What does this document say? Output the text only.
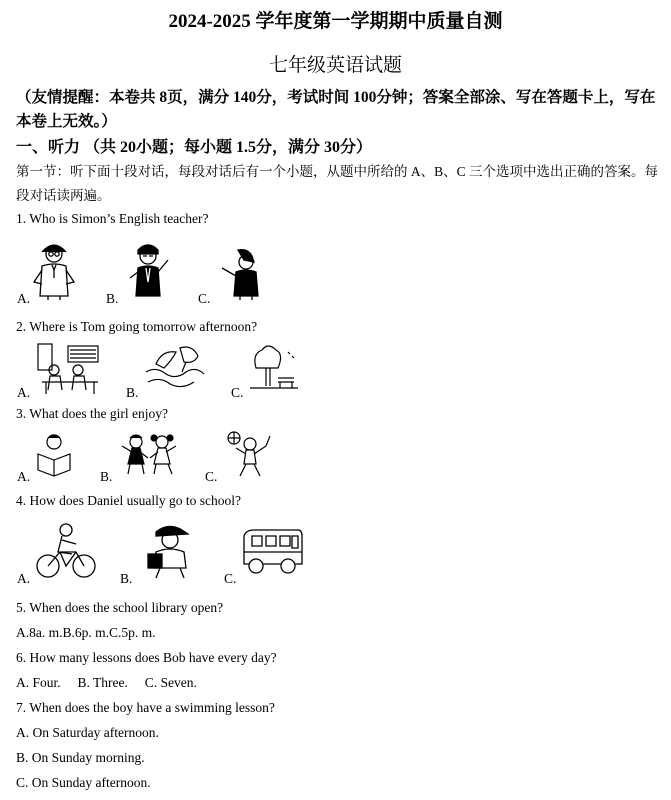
2024-2025 学年度第一学期期中质量自测
七年级英语试题
（友情提醒：本卷共 8页，满分 140分，考试时间 100分钟；答案全部涂、写在答题卡上，写在本卷上无效。）
一、听力 （共 20小题；每小题 1.5分，满分 30分）
第一节：听下面十段对话，每段对话后有一个小题，从题中所给的 A、B、C 三个选项中选出正确的答案。每段对话读两遍。
1. Who is Simon’s English teacher?
A.	B.	C.
2. Where is Tom going tomorrow afternoon?
A.	B.	C.
3. What does the girl enjoy?
A.	B.	C.
4. How does Daniel usually go to school?
A.	B.	C.
5. When does the school library open?
A.8a. m.B.6p. m.C.5p. m.
6. How many lessons does Bob have every day?
A. Four.     B. Three.     C. Seven.
7. When does the boy have a swimming lesson?
A. On Saturday afternoon.
B. On Sunday morning.
C. On Sunday afternoon.
